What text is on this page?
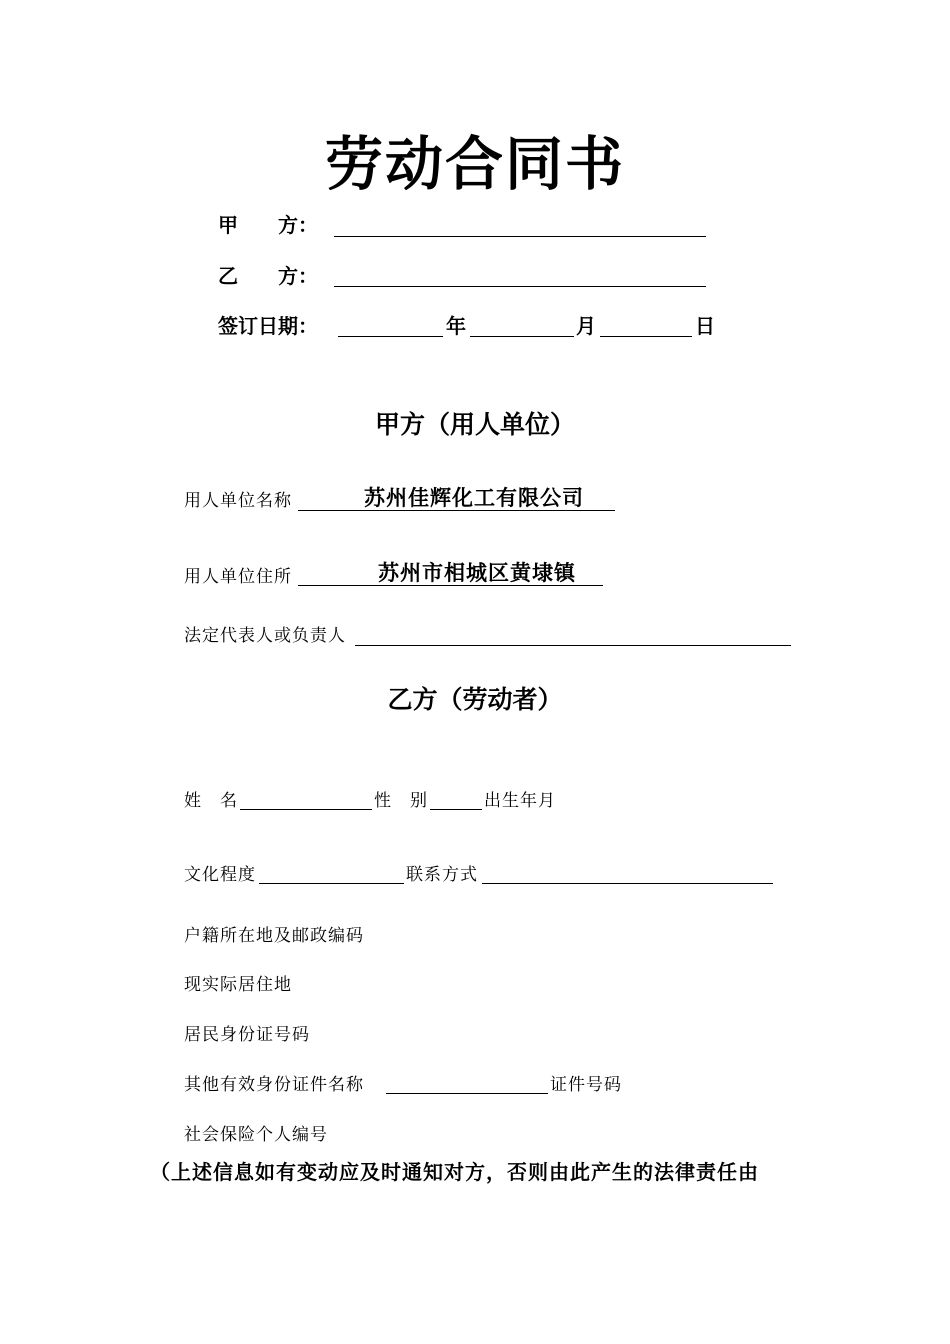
劳动合同书
甲　　方：
乙　　方：
签订日期：	年	月	日
甲方（用人单位）
用人单位名称	苏州佳辉化工有限公司
用人单位住所	苏州市相城区黄埭镇
法定代表人或负责人
乙方（劳动者）
姓　名	性　别	出生年月
文化程度	联系方式
户籍所在地及邮政编码
现实际居住地
居民身份证号码
其他有效身份证件名称	证件号码
社会保险个人编号
（上述信息如有变动应及时通知对方，否则由此产生的法律责任由
